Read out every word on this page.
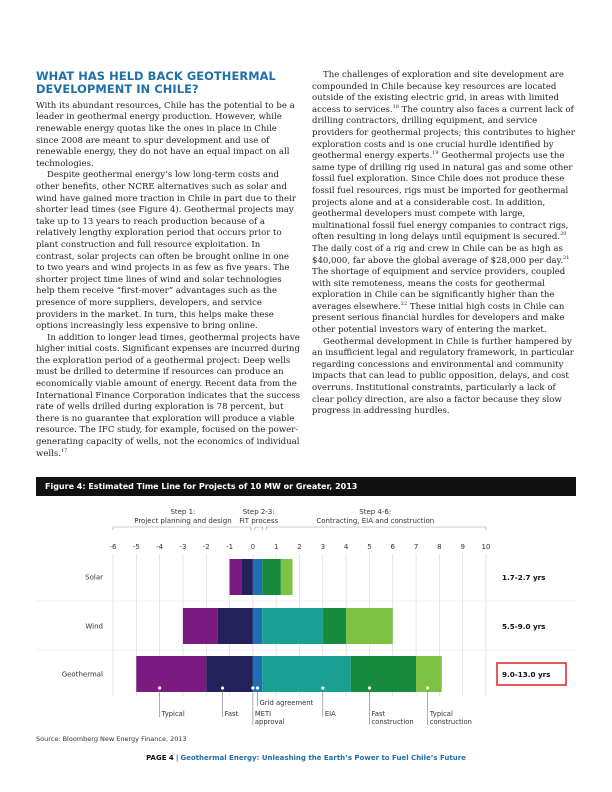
WHAT HAS HELD BACK GEOTHERMAL DEVELOPMENT IN CHILE?

With its abundant resources, Chile has the potential to be a leader in geothermal energy production. However, while renewable energy quotas like the ones in place in Chile since 2008 are meant to spur development and use of renewable energy, they do not have an equal impact on all technologies.

Despite geothermal energy’s low long-term costs and other benefits, other NCRE alternatives such as solar and wind have gained more traction in Chile in part due to their shorter lead times (see Figure 4). Geothermal projects may take up to 13 years to reach production because of a relatively lengthy exploration period that occurs prior to plant construction and full resource exploitation. In contrast, solar projects can often be brought online in one to two years and wind projects in as few as five years. The shorter project time lines of wind and solar technologies help them receive “first-mover” advantages such as the presence of more suppliers, developers, and service providers in the market. In turn, this helps make these options increasingly less expensive to bring online.

In addition to longer lead times, geothermal projects have higher initial costs. Significant expenses are incurred during the exploration period of a geothermal project: Deep wells must be drilled to determine if resources can produce an economically viable amount of energy. Recent data from the International Finance Corporation indicates that the success rate of wells drilled during exploration is 78 percent, but there is no guarantee that exploration will produce a viable resource. The IFC study, for example, focused on the power-generating capacity of wells, not the economics of individual wells.$^{17}$

The challenges of exploration and site development are compounded in Chile because key resources are located outside of the existing electric grid, in areas with limited access to services.$^{18}$ The country also faces a current lack of drilling contractors, drilling equipment, and service providers for geothermal projects; this contributes to higher exploration costs and is one crucial hurdle identified by geothermal energy experts.$^{19}$ Geothermal projects use the same type of drilling rig used in natural gas and some other fossil fuel exploration. Since Chile does not produce these fossil fuel resources, rigs must be imported for geothermal projects alone and at a considerable cost. In addition, geothermal developers must compete with large, multinational fossil fuel energy companies to contract rigs, often resulting in long delays until equipment is secured.$^{20}$ The daily cost of a rig and crew in Chile can be as high as $40,000, far above the global average of $28,000 per day.$^{21}$ The shortage of equipment and service providers, coupled with site remoteness, means the costs for geothermal exploration in Chile can be significantly higher than the averages elsewhere.$^{22}$ These initial high costs in Chile can present serious financial hurdles for developers and make other potential investors wary of entering the market.

Geothermal development in Chile is further hampered by an insufficient legal and regulatory framework, in particular regarding concessions and environmental and community impacts that can lead to public opposition, delays, and cost overruns. Institutional constraints, particularly a lack of clear policy direction, are also a factor because they slow progress in addressing hurdles.

Figure 4: Estimated Time Line for Projects of 10 MW or Greater, 2013
Step 1:
Project planning and design
Step 2-3:
FiT process
Step 4-6:
Contracting, EIA and construction
-6 -5 -4 -3 -2 -1	0	1	2	3	4	5	6	7	8	9 10
Solar	1.7-2.7 yrs
Wind	5.5-9.0 yrs
Geothermal	9.0-13.0 yrs
Typical	Fast
Grid agreement
METI
approval
EIA	Fast
construction
Typical
construction
Source: Bloomberg New Energy Finance, 2013
PAGE 4 | Geothermal Energy: Unleashing the Earth’s Power to Fuel Chile’s Future
